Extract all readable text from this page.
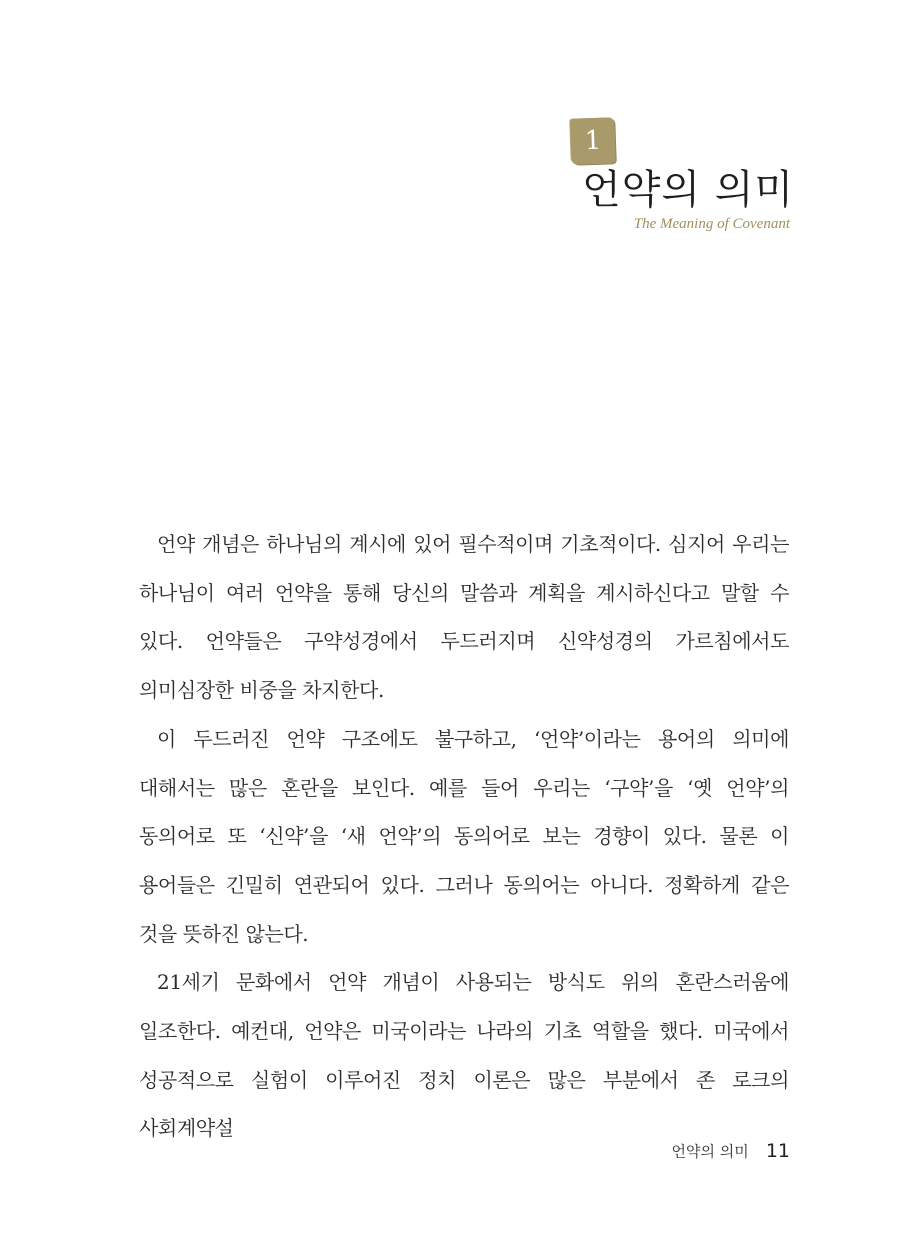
1
언약의 의미
The Meaning of Covenant

언약 개념은 하나님의 계시에 있어 필수적이며 기초적이다. 심지어 우리는 하나님이 여러 언약을 통해 당신의 말씀과 계획을 계시하신다고 말할 수 있다. 언약들은 구약성경에서 두드러지며 신약성경의 가르침에서도 의미심장한 비중을 차지한다.

이 두드러진 언약 구조에도 불구하고, ‘언약’이라는 용어의 의미에 대해서는 많은 혼란을 보인다. 예를 들어 우리는 ‘구약’을 ‘옛 언약’의 동의어로 또 ‘신약’을 ‘새 언약’의 동의어로 보는 경향이 있다. 물론 이 용어들은 긴밀히 연관되어 있다. 그러나 동의어는 아니다. 정확하게 같은 것을 뜻하진 않는다.

21세기 문화에서 언약 개념이 사용되는 방식도 위의 혼란스러움에 일조한다. 예컨대, 언약은 미국이라는 나라의 기초 역할을 했다. 미국에서 성공적으로 실험이 이루어진 정치 이론은 많은 부분에서 존 로크의 사회계약설

언약의 의미 11
